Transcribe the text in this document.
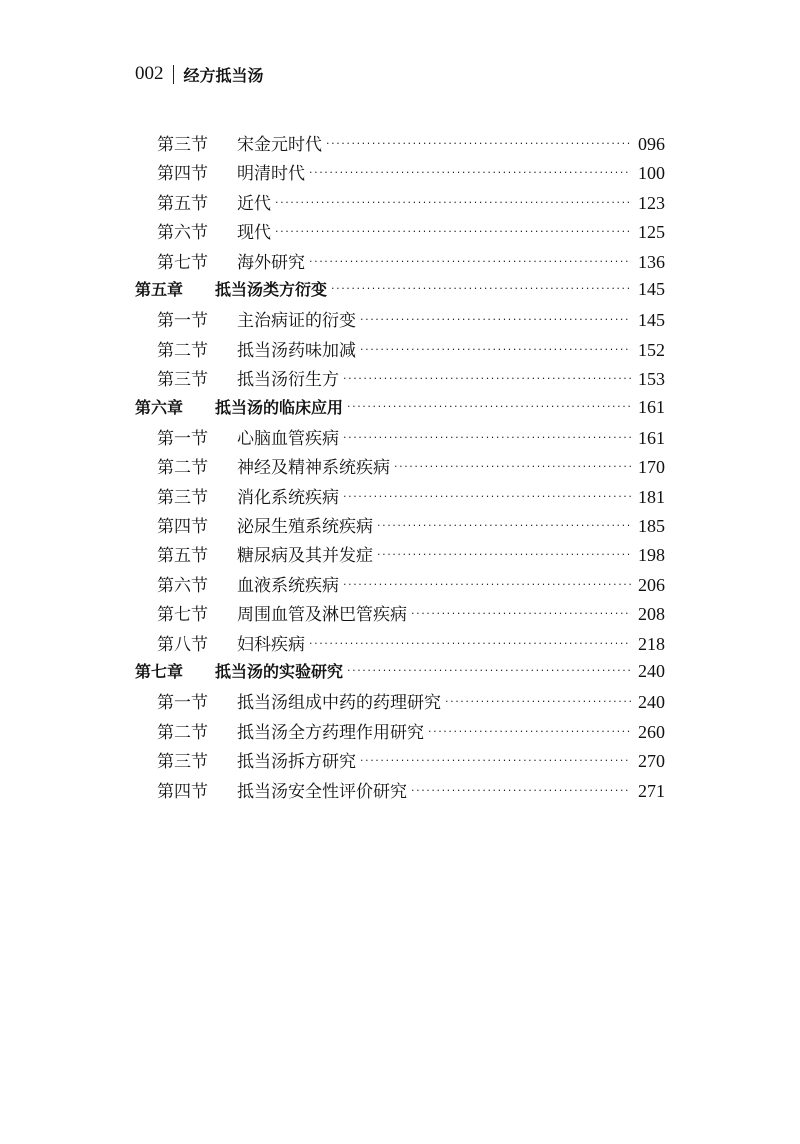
002 经方抵当汤
第三节	宋金元时代 ·····	096
第四节	明清时代 ·····	100
第五节	近代 ·····	123
第六节	现代 ·····	125
第七节	海外研究 ·····	136
第五章	抵当汤类方衍变 ·····	145
第一节	主治病证的衍变 ·····	145
第二节	抵当汤药味加减 ·····	152
第三节	抵当汤衍生方 ·····	153
第六章	抵当汤的临床应用 ·····	161
第一节	心脑血管疾病 ·····	161
第二节	神经及精神系统疾病 ·····	170
第三节	消化系统疾病 ·····	181
第四节	泌尿生殖系统疾病 ·····	185
第五节	糖尿病及其并发症 ·····	198
第六节	血液系统疾病 ·····	206
第七节	周围血管及淋巴管疾病 ·····	208
第八节	妇科疾病 ·····	218
第七章	抵当汤的实验研究 ·····	240
第一节	抵当汤组成中药的药理研究 ·····	240
第二节	抵当汤全方药理作用研究 ·····	260
第三节	抵当汤拆方研究 ·····	270
第四节	抵当汤安全性评价研究 ·····	271
